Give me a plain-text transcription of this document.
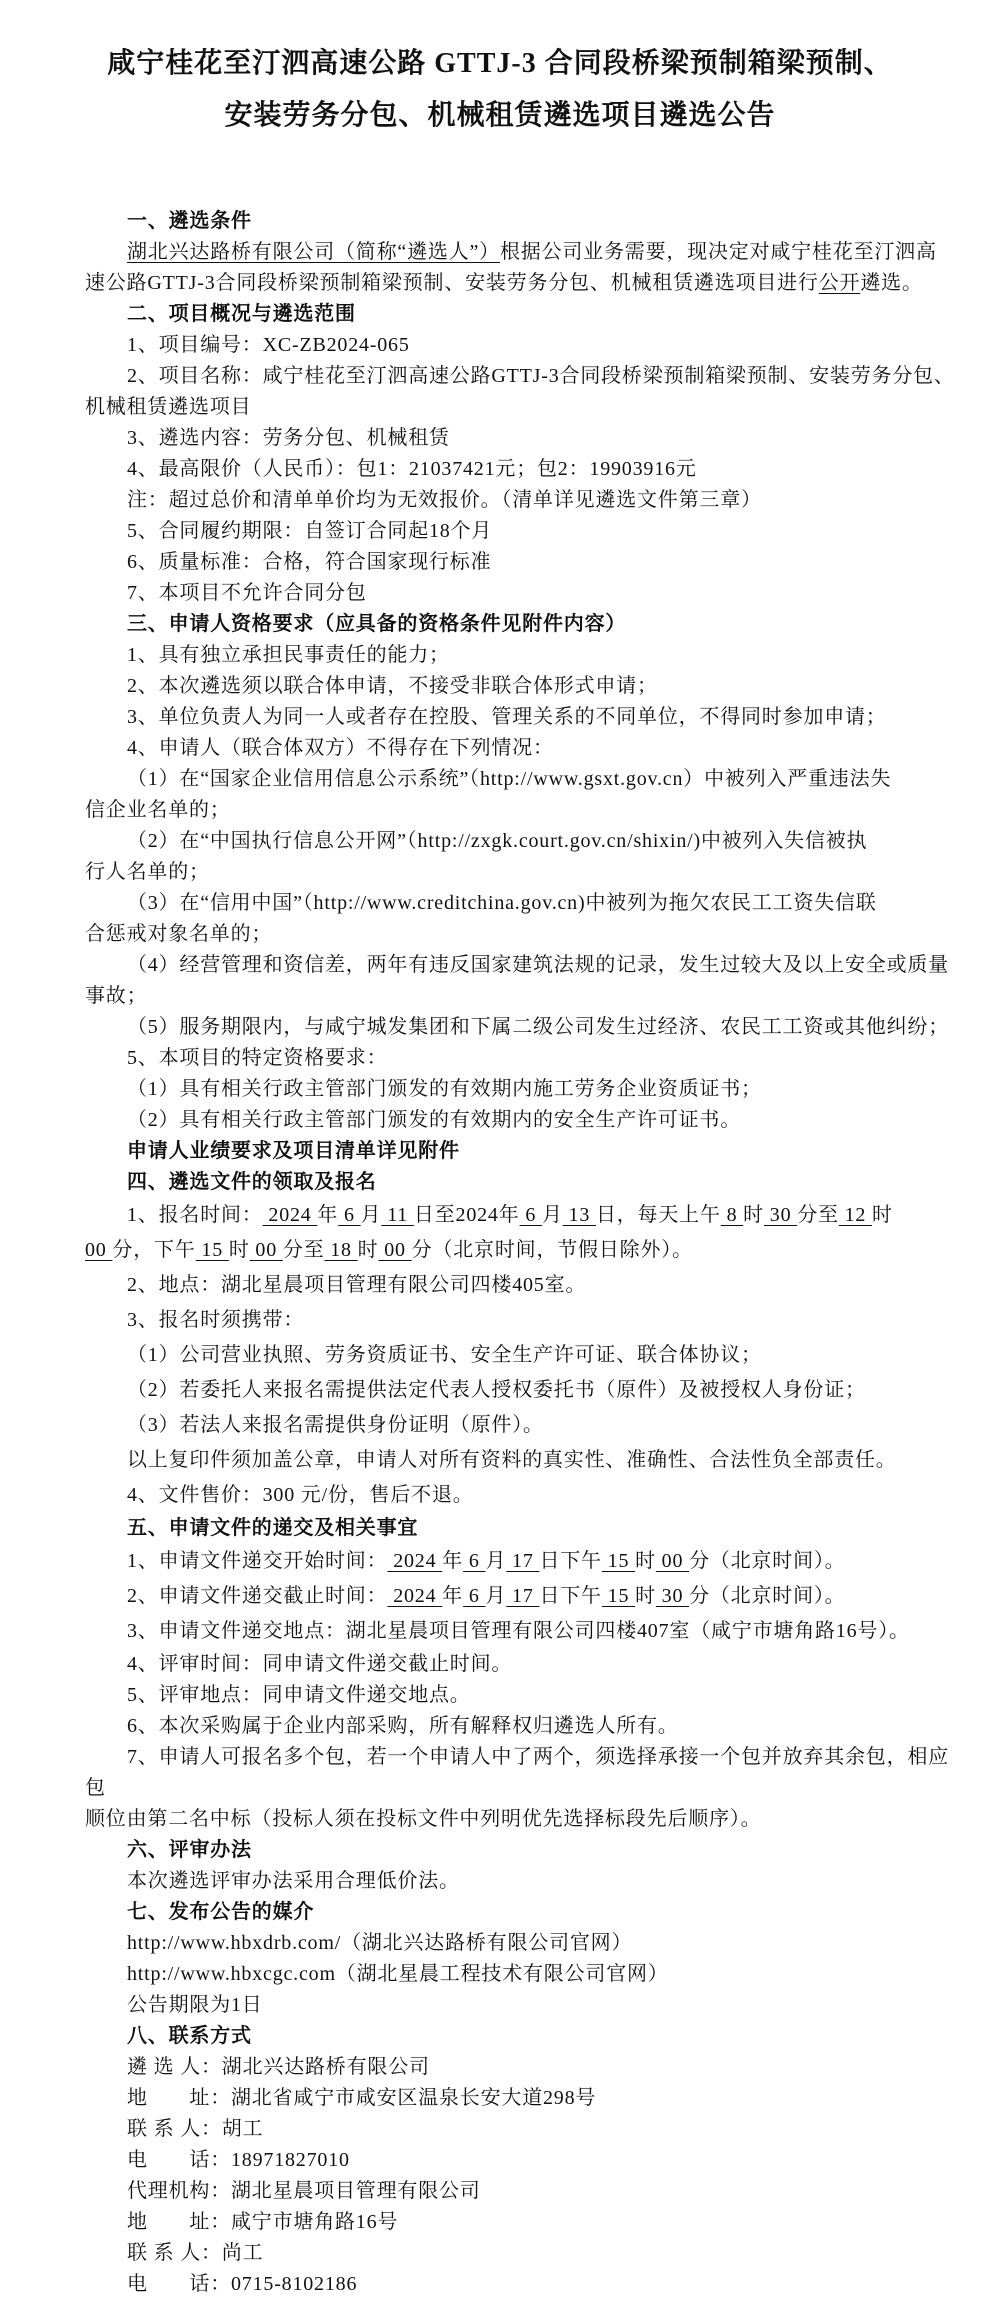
咸宁桂花至汀泗高速公路 GTTJ-3 合同段桥梁预制箱梁预制、
安装劳务分包、机械租赁遴选项目遴选公告
一、遴选条件
湖北兴达路桥有限公司（简称“遴选人”）根据公司业务需要，现决定对咸宁桂花至汀泗高
速公路GTTJ-3合同段桥梁预制箱梁预制、安装劳务分包、机械租赁遴选项目进行公开遴选。
二、项目概况与遴选范围
1、项目编号：XC-ZB2024-065
2、项目名称：咸宁桂花至汀泗高速公路GTTJ-3合同段桥梁预制箱梁预制、安装劳务分包、
机械租赁遴选项目
3、遴选内容：劳务分包、机械租赁
4、最高限价（人民币）：包1：21037421元；包2：19903916元
注：超过总价和清单单价均为无效报价。（清单详见遴选文件第三章）
5、合同履约期限：自签订合同起18个月
6、质量标准：合格，符合国家现行标准
7、本项目不允许合同分包
三、申请人资格要求（应具备的资格条件见附件内容）
1、具有独立承担民事责任的能力；
2、本次遴选须以联合体申请，不接受非联合体形式申请；
3、单位负责人为同一人或者存在控股、管理关系的不同单位，不得同时参加申请；
4、申请人（联合体双方）不得存在下列情况：
（1）在“国家企业信用信息公示系统”（http://www.gsxt.gov.cn）中被列入严重违法失
信企业名单的；
（2）在“中国执行信息公开网”（http://zxgk.court.gov.cn/shixin/)中被列入失信被执
行人名单的；
（3）在“信用中国”（http://www.creditchina.gov.cn)中被列为拖欠农民工工资失信联
合惩戒对象名单的；
（4）经营管理和资信差，两年有违反国家建筑法规的记录，发生过较大及以上安全或质量
事故；
（5）服务期限内，与咸宁城发集团和下属二级公司发生过经济、农民工工资或其他纠纷；
5、本项目的特定资格要求：
（1）具有相关行政主管部门颁发的有效期内施工劳务企业资质证书；
（2）具有相关行政主管部门颁发的有效期内的安全生产许可证书。
申请人业绩要求及项目清单详见附件
四、遴选文件的领取及报名
1、报名时间： 2024 年 6 月 11 日至2024年 6 月 13 日，每天上午 8 时 30 分至 12 时
00 分，下午 15 时 00 分至 18 时 00 分（北京时间，节假日除外）。
2、地点：湖北星晨项目管理有限公司四楼405室。
3、报名时须携带：
（1）公司营业执照、劳务资质证书、安全生产许可证、联合体协议；
（2）若委托人来报名需提供法定代表人授权委托书（原件）及被授权人身份证；
（3）若法人来报名需提供身份证明（原件）。
以上复印件须加盖公章，申请人对所有资料的真实性、准确性、合法性负全部责任。
4、文件售价：300 元/份，售后不退。
五、申请文件的递交及相关事宜
1、申请文件递交开始时间： 2024 年 6 月 17 日下午 15 时 00 分（北京时间）。
2、申请文件递交截止时间： 2024 年 6 月 17 日下午 15 时 30 分（北京时间）。
3、申请文件递交地点：湖北星晨项目管理有限公司四楼407室（咸宁市塘角路16号）。
4、评审时间：同申请文件递交截止时间。
5、评审地点：同申请文件递交地点。
6、本次采购属于企业内部采购，所有解释权归遴选人所有。
7、申请人可报名多个包，若一个申请人中了两个，须选择承接一个包并放弃其余包，相应包
顺位由第二名中标（投标人须在投标文件中列明优先选择标段先后顺序）。
六、评审办法
本次遴选评审办法采用合理低价法。
七、发布公告的媒介
http://www.hbxdrb.com/（湖北兴达路桥有限公司官网）
http://www.hbxcgc.com（湖北星晨工程技术有限公司官网）
公告期限为1日
八、联系方式
遴 选 人：湖北兴达路桥有限公司
地　　址：湖北省咸宁市咸安区温泉长安大道298号
联 系 人：胡工
电　　话：18971827010
代理机构：湖北星晨项目管理有限公司
地　　址：咸宁市塘角路16号
联 系 人：尚工
电　　话：0715-8102186
